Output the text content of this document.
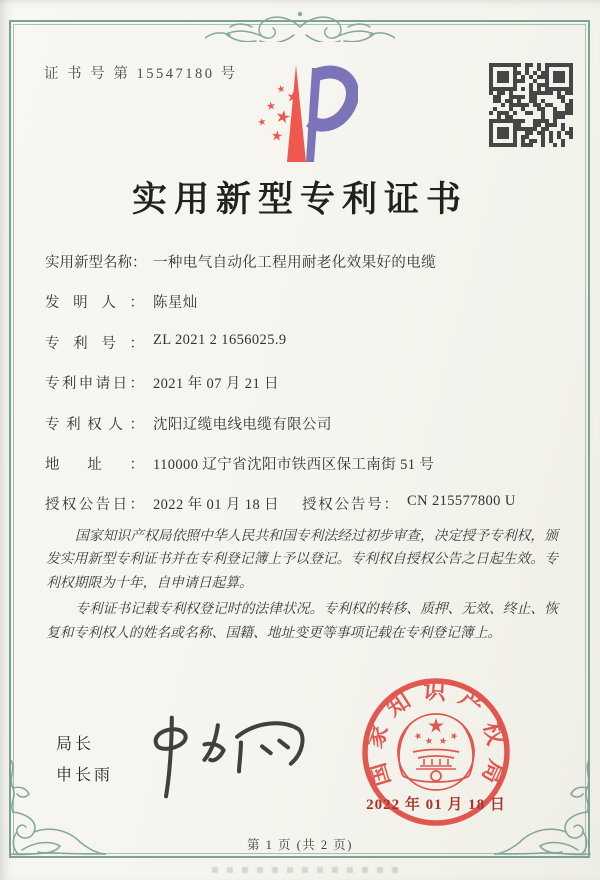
证 书 号 第 15547180 号
实用新型专利证书
实用新型名称： 一种电气自动化工程用耐老化效果好的电缆
发明人： 陈星灿
专利号： ZL 2021 2 1656025.9
专利申请日： 2021 年 07 月 21 日
专利权人： 沈阳辽缆电线电缆有限公司
地址： 110000 辽宁省沈阳市铁西区保工南街 51 号
授权公告日： 2022 年 01 月 18 日 授权公告号： CN 215577800 U

国家知识产权局依照中华人民共和国专利法经过初步审查，决定授予专利权，颁发实用新型专利证书并在专利登记簿上予以登记。专利权自授权公告之日起生效。专利权期限为十年，自申请日起算。

专利证书记载专利权登记时的法律状况。专利权的转移、质押、无效、终止、恢复和专利权人的姓名或名称、国籍、地址变更等事项记载在专利登记簿上。

局长
申长雨	国家知识产权局
2022 年 01 月 18 日
第 1 页 (共 2 页)
